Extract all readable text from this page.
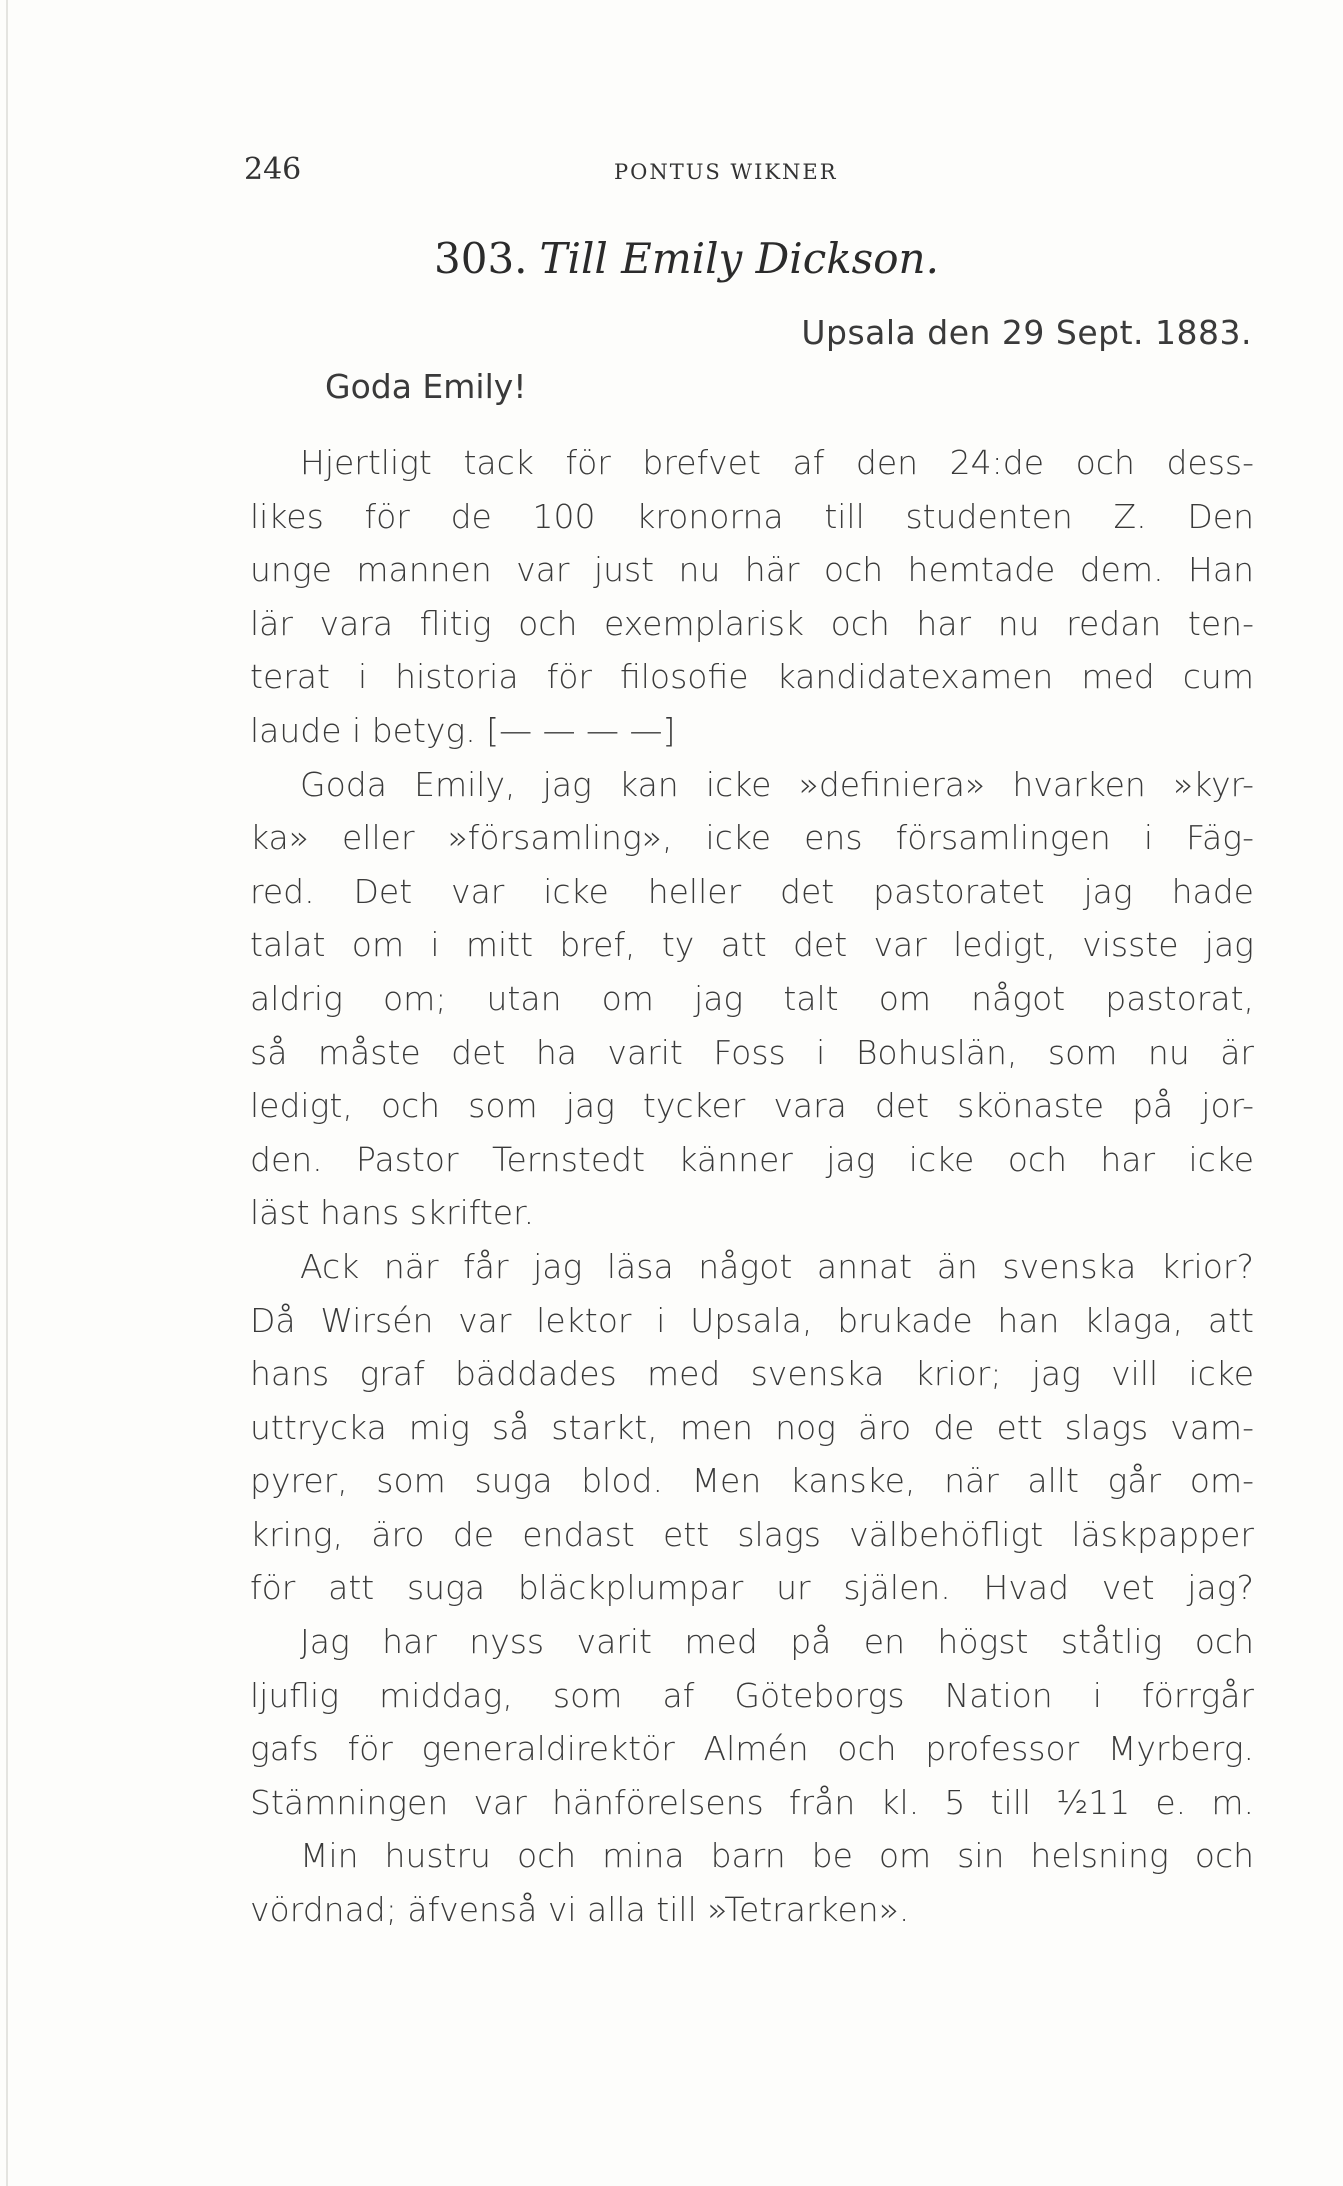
246	PONTUS WIKNER
303. Till Emily Dickson.
Upsala den 29 Sept. 1883.
Goda Emily!
Hjertligt tack för brefvet af den 24:de och dess-
likes för de 100 kronorna till studenten Z. Den
unge mannen var just nu här och hemtade dem. Han
lär vara flitig och exemplarisk och har nu redan ten-
terat i historia för filosofie kandidatexamen med cum
laude i betyg. [— — — —]
Goda Emily, jag kan icke »definiera» hvarken »kyr-
ka» eller »församling», icke ens församlingen i Fäg-
red. Det var icke heller det pastoratet jag hade
talat om i mitt bref, ty att det var ledigt, visste jag
aldrig om; utan om jag talt om något pastorat,
så måste det ha varit Foss i Bohuslän, som nu är
ledigt, och som jag tycker vara det skönaste på jor-
den. Pastor Ternstedt känner jag icke och har icke
läst hans skrifter.
Ack när får jag läsa något annat än svenska krior?
Då Wirsén var lektor i Upsala, brukade han klaga, att
hans graf bäddades med svenska krior; jag vill icke
uttrycka mig så starkt, men nog äro de ett slags vam-
pyrer, som suga blod. Men kanske, när allt går om-
kring, äro de endast ett slags välbehöfligt läskpapper
för att suga bläckplumpar ur själen. Hvad vet jag?
Jag har nyss varit med på en högst ståtlig och
ljuflig middag, som af Göteborgs Nation i förrgår
gafs för generaldirektör Almén och professor Myrberg.
Stämningen var hänförelsens från kl. 5 till ½11 e. m.
Min hustru och mina barn be om sin helsning och
vördnad; äfvenså vi alla till »Tetrarken».
